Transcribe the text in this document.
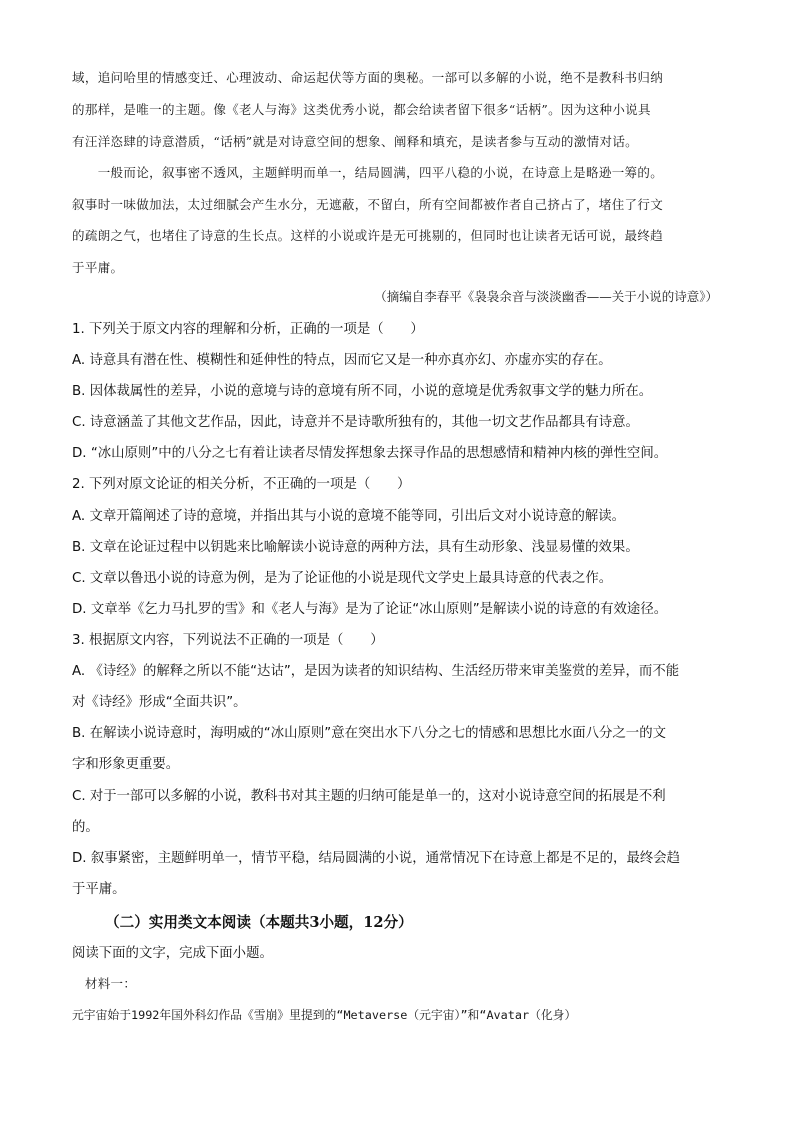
域，追问哈里的情感变迁、心理波动、命运起伏等方面的奥秘。一部可以多解的小说，绝不是教科书归纳
的那样，是唯一的主题。像《老人与海》这类优秀小说，都会给读者留下很多“话柄”。因为这种小说具
有汪洋恣肆的诗意潜质，“话柄”就是对诗意空间的想象、阐释和填充，是读者参与互动的激情对话。
　　一般而论，叙事密不透风，主题鲜明而单一，结局圆满，四平八稳的小说，在诗意上是略逊一筹的。
叙事时一味做加法，太过细腻会产生水分，无遮蔽，不留白，所有空间都被作者自己挤占了，堵住了行文
的疏朗之气，也堵住了诗意的生长点。这样的小说或许是无可挑剔的，但同时也让读者无话可说，最终趋
于平庸。
（摘编自李春平《袅袅余音与淡淡幽香——关于小说的诗意》）
1. 下列关于原文内容的理解和分析，正确的一项是（　　）
A. 诗意具有潜在性、模糊性和延伸性的特点，因而它又是一种亦真亦幻、亦虚亦实的存在。
B. 因体裁属性的差异，小说的意境与诗的意境有所不同，小说的意境是优秀叙事文学的魅力所在。
C. 诗意涵盖了其他文艺作品，因此，诗意并不是诗歌所独有的，其他一切文艺作品都具有诗意。
D. “冰山原则”中的八分之七有着让读者尽情发挥想象去探寻作品的思想感情和精神内核的弹性空间。
2. 下列对原文论证的相关分析，不正确的一项是（　　）
A. 文章开篇阐述了诗的意境，并指出其与小说的意境不能等同，引出后文对小说诗意的解读。
B. 文章在论证过程中以钥匙来比喻解读小说诗意的两种方法，具有生动形象、浅显易懂的效果。
C. 文章以鲁迅小说的诗意为例，是为了论证他的小说是现代文学史上最具诗意的代表之作。
D. 文章举《乞力马扎罗的雪》和《老人与海》是为了论证“冰山原则”是解读小说的诗意的有效途径。
3. 根据原文内容，下列说法不正确的一项是（　　）
A. 《诗经》的解释之所以不能“达诂”，是因为读者的知识结构、生活经历带来审美鉴赏的差异，而不能
对《诗经》形成“全面共识”。
B. 在解读小说诗意时，海明威的“冰山原则”意在突出水下八分之七的情感和思想比水面八分之一的文
字和形象更重要。
C. 对于一部可以多解的小说，教科书对其主题的归纳可能是单一的，这对小说诗意空间的拓展是不利
的。
D. 叙事紧密，主题鲜明单一，情节平稳，结局圆满的小说，通常情况下在诗意上都是不足的，最终会趋
于平庸。
（二）实用类文本阅读（本题共3小题，12分）
阅读下面的文字，完成下面小题。
　材料一：
元宇宙始于1992年国外科幻作品《雪崩》里提到的“Metaverse（元宇宙）”和“Avatar（化身）
